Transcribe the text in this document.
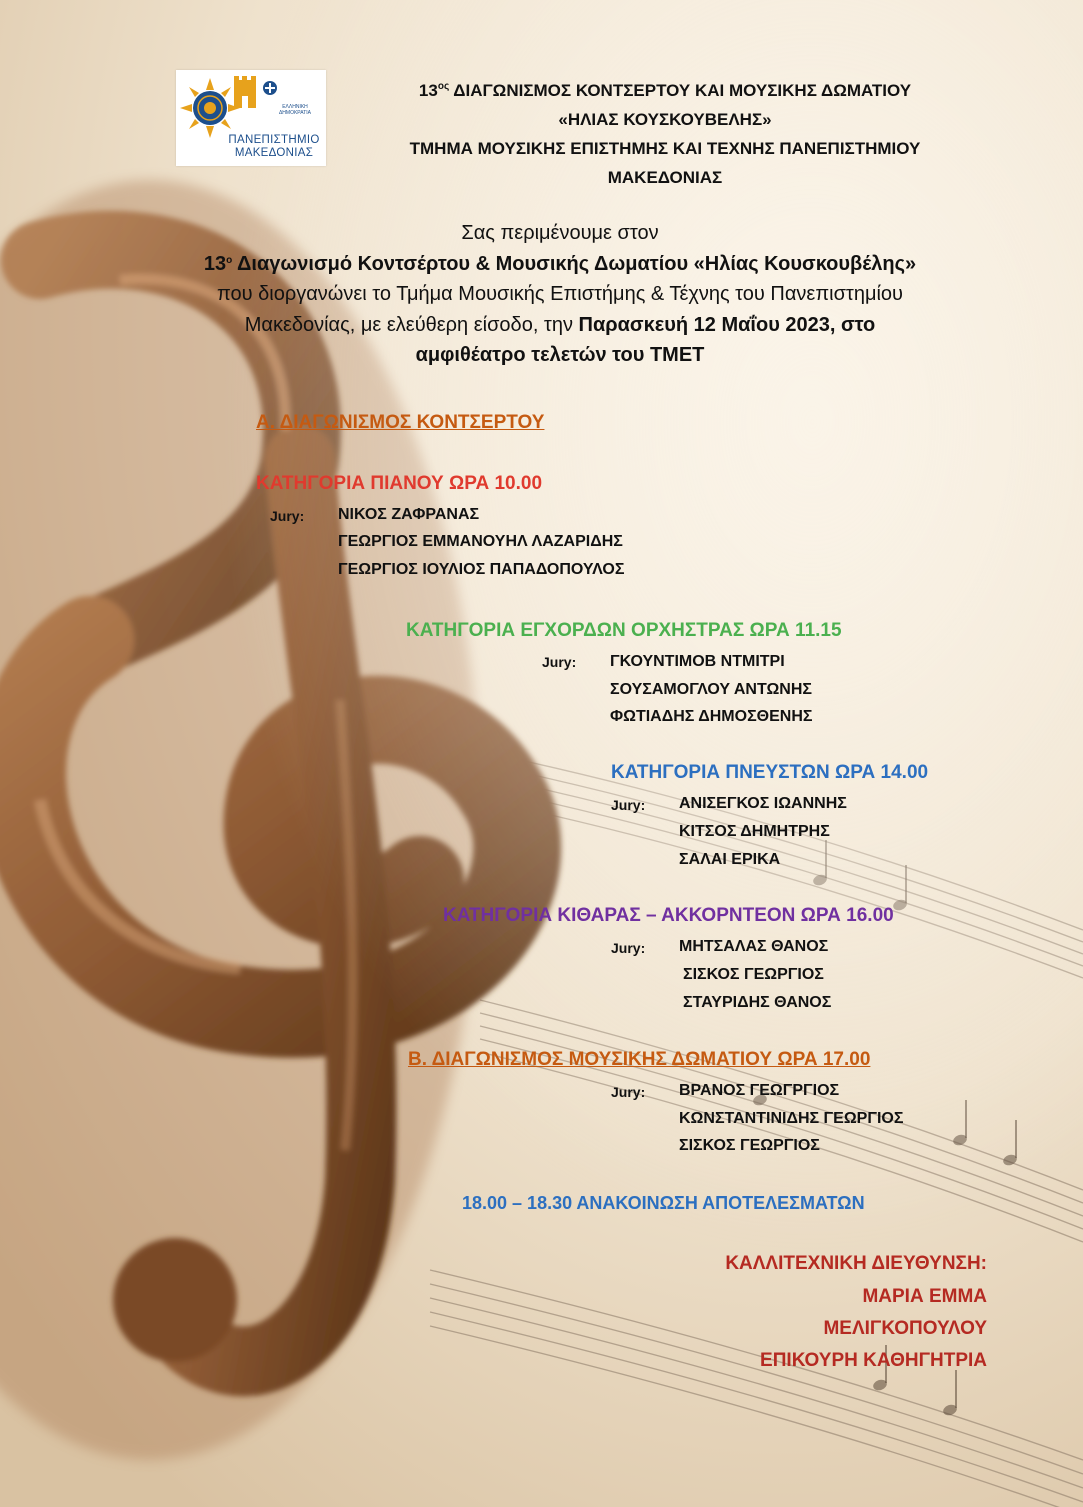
ΕΛΛΗΝΙΚΗ ΔΗΜΟΚΡΑΤΙΑ
ΠΑΝΕΠΙΣΤΗΜΙΟ
ΜΑΚΕΔΟΝΙΑΣ
$13^{o\varsigma}$ ΔΙΑΓΩΝΙΣΜΟΣ ΚΟΝΤΣΕΡΤΟΥ ΚΑΙ ΜΟΥΣΙΚΗΣ ΔΩΜΑΤΙΟΥ
«ΗΛΙΑΣ ΚΟΥΣΚΟΥΒΕΛΗΣ»
ΤΜΗΜΑ ΜΟΥΣΙΚΗΣ ΕΠΙΣΤΗΜΗΣ ΚΑΙ ΤΕΧΝΗΣ ΠΑΝΕΠΙΣΤΗΜΙΟΥ
ΜΑΚΕΔΟΝΙΑΣ
Σας περιμένουμε στον
$13^o$ Διαγωνισμό Κοντσέρτου & Μουσικής Δωματίου «Ηλίας Κουσκουβέλης»
που διοργανώνει το Τμήμα Μουσικής Επιστήμης & Τέχνης του Πανεπιστημίου
Μακεδονίας, με ελεύθερη είσοδο, την Παρασκευή 12 Μαΐου 2023, στο
αμφιθέατρο τελετών του ΤΜΕΤ
Α. ΔΙΑΓΩΝΙΣΜΟΣ ΚΟΝΤΣΕΡΤΟΥ
ΚΑΤΗΓΟΡΙΑ ΠΙΑΝΟΥ ΩΡΑ 10.00
Jury: ΝΙΚΟΣ ΖΑΦΡΑΝΑΣ
ΓΕΩΡΓΙΟΣ ΕΜΜΑΝΟΥΗΛ ΛΑΖΑΡΙΔΗΣ
ΓΕΩΡΓΙΟΣ ΙΟΥΛΙΟΣ ΠΑΠΑΔΟΠΟΥΛΟΣ
ΚΑΤΗΓΟΡΙΑ ΕΓΧΟΡΔΩΝ ΟΡΧΗΣΤΡΑΣ ΩΡΑ 11.15
Jury: ΓΚΟΥΝΤΙΜΟΒ ΝΤΜΙΤΡΙ
ΣΟΥΣΑΜΟΓΛΟΥ ΑΝΤΩΝΗΣ
ΦΩΤΙΑΔΗΣ ΔΗΜΟΣΘΕΝΗΣ
ΚΑΤΗΓΟΡΙΑ ΠΝΕΥΣΤΩΝ ΩΡΑ 14.00
Jury: ΑΝΙΣΕΓΚΟΣ ΙΩΑΝΝΗΣ
ΚΙΤΣΟΣ ΔΗΜΗΤΡΗΣ
ΣΑΛΑΙ ΕΡΙΚΑ
ΚΑΤΗΓΟΡΙΑ ΚΙΘΑΡΑΣ – ΑΚΚΟΡΝΤΕΟΝ ΩΡΑ 16.00
Jury: ΜΗΤΣΑΛΑΣ ΘΑΝΟΣ
ΣΙΣΚΟΣ ΓΕΩΡΓΙΟΣ
ΣΤΑΥΡΙΔΗΣ ΘΑΝΟΣ
Β. ΔΙΑΓΩΝΙΣΜΟΣ ΜΟΥΣΙΚΗΣ ΔΩΜΑΤΙΟΥ ΩΡΑ 17.00
Jury: ΒΡΑΝΟΣ ΓΕΩΓΡΓΙΟΣ
ΚΩΝΣΤΑΝΤΙΝΙΔΗΣ ΓΕΩΡΓΙΟΣ
ΣΙΣΚΟΣ ΓΕΩΡΓΙΟΣ
18.00 – 18.30 ΑΝΑΚΟΙΝΩΣΗ ΑΠΟΤΕΛΕΣΜΑΤΩΝ
ΚΑΛΛΙΤΕΧΝΙΚΗ ΔΙΕΥΘΥΝΣΗ:
ΜΑΡΙΑ ΕΜΜΑ
ΜΕΛΙΓΚΟΠΟΥΛΟΥ
ΕΠΙΚΟΥΡΗ ΚΑΘΗΓΗΤΡΙΑ
